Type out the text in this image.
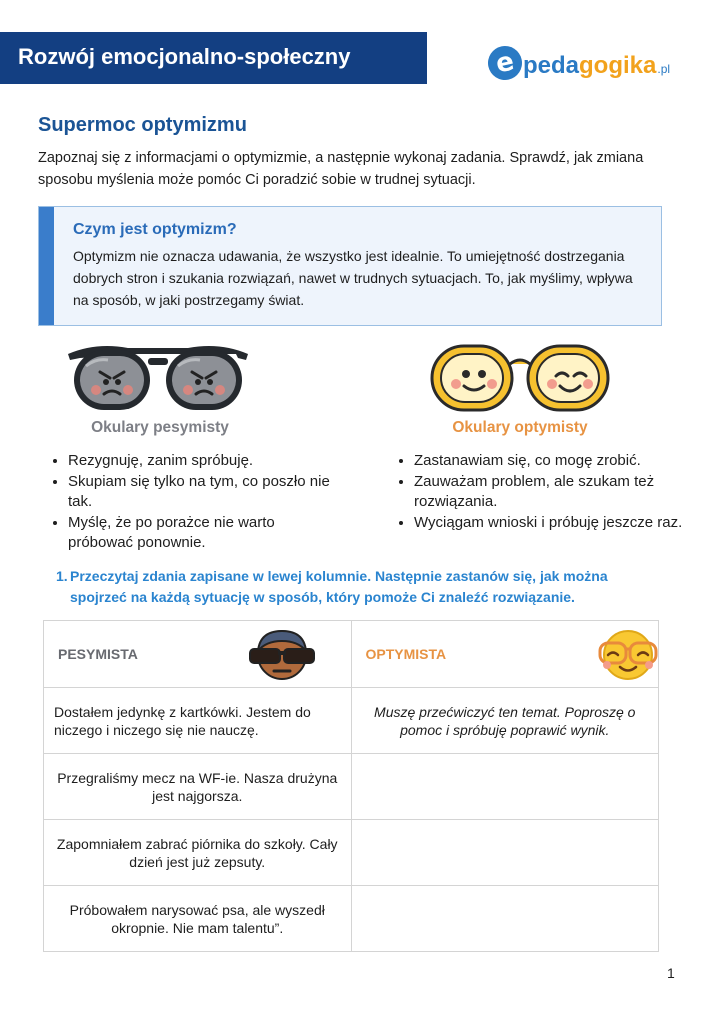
Rozwój emocjonalno-społeczny	e peda gogika .pl
Supermoc optymizmu
Zapoznaj się z informacjami o optymizmie, a następnie wykonaj zadania. Sprawdź, jak zmiana sposobu myślenia może pomóc Ci poradzić sobie w trudnej sytuacji.
Czym jest optymizm?
Optymizm nie oznacza udawania, że wszystko jest idealnie. To umiejętność dostrzegania dobrych stron i szukania rozwiązań, nawet w trudnych sytuacjach. To, jak myślimy, wpływa na sposób, w jaki postrzegamy świat.
Okulary pesymisty	Okulary optymisty
• Rezygnuję, zanim spróbuję.
• Skupiam się tylko na tym, co poszło nie tak.
• Myślę, że po porażce nie warto próbować ponownie.
• Zastanawiam się, co mogę zrobić.
• Zauważam problem, ale szukam też rozwiązania.
• Wyciągam wnioski i próbuję jeszcze raz.
1. Przeczytaj zdania zapisane w lewej kolumnie. Następnie zastanów się, jak można spojrzeć na każdą sytuację w sposób, który pomoże Ci znaleźć rozwiązanie.
PESYMISTA	OPTYMISTA

Dostałem jedynkę z kartkówki. Jestem do niczego i niczego się nie nauczę.	Muszę przećwiczyć ten temat. Poproszę o pomoc i spróbuję poprawić wynik.
Przegraliśmy mecz na WF-ie. Nasza drużyna jest najgorsza.	
Zapomniałem zabrać piórnika do szkoły. Cały dzień jest już zepsuty.	
Próbowałem narysować psa, ale wyszedł okropnie. Nie mam talentu”.	
1
